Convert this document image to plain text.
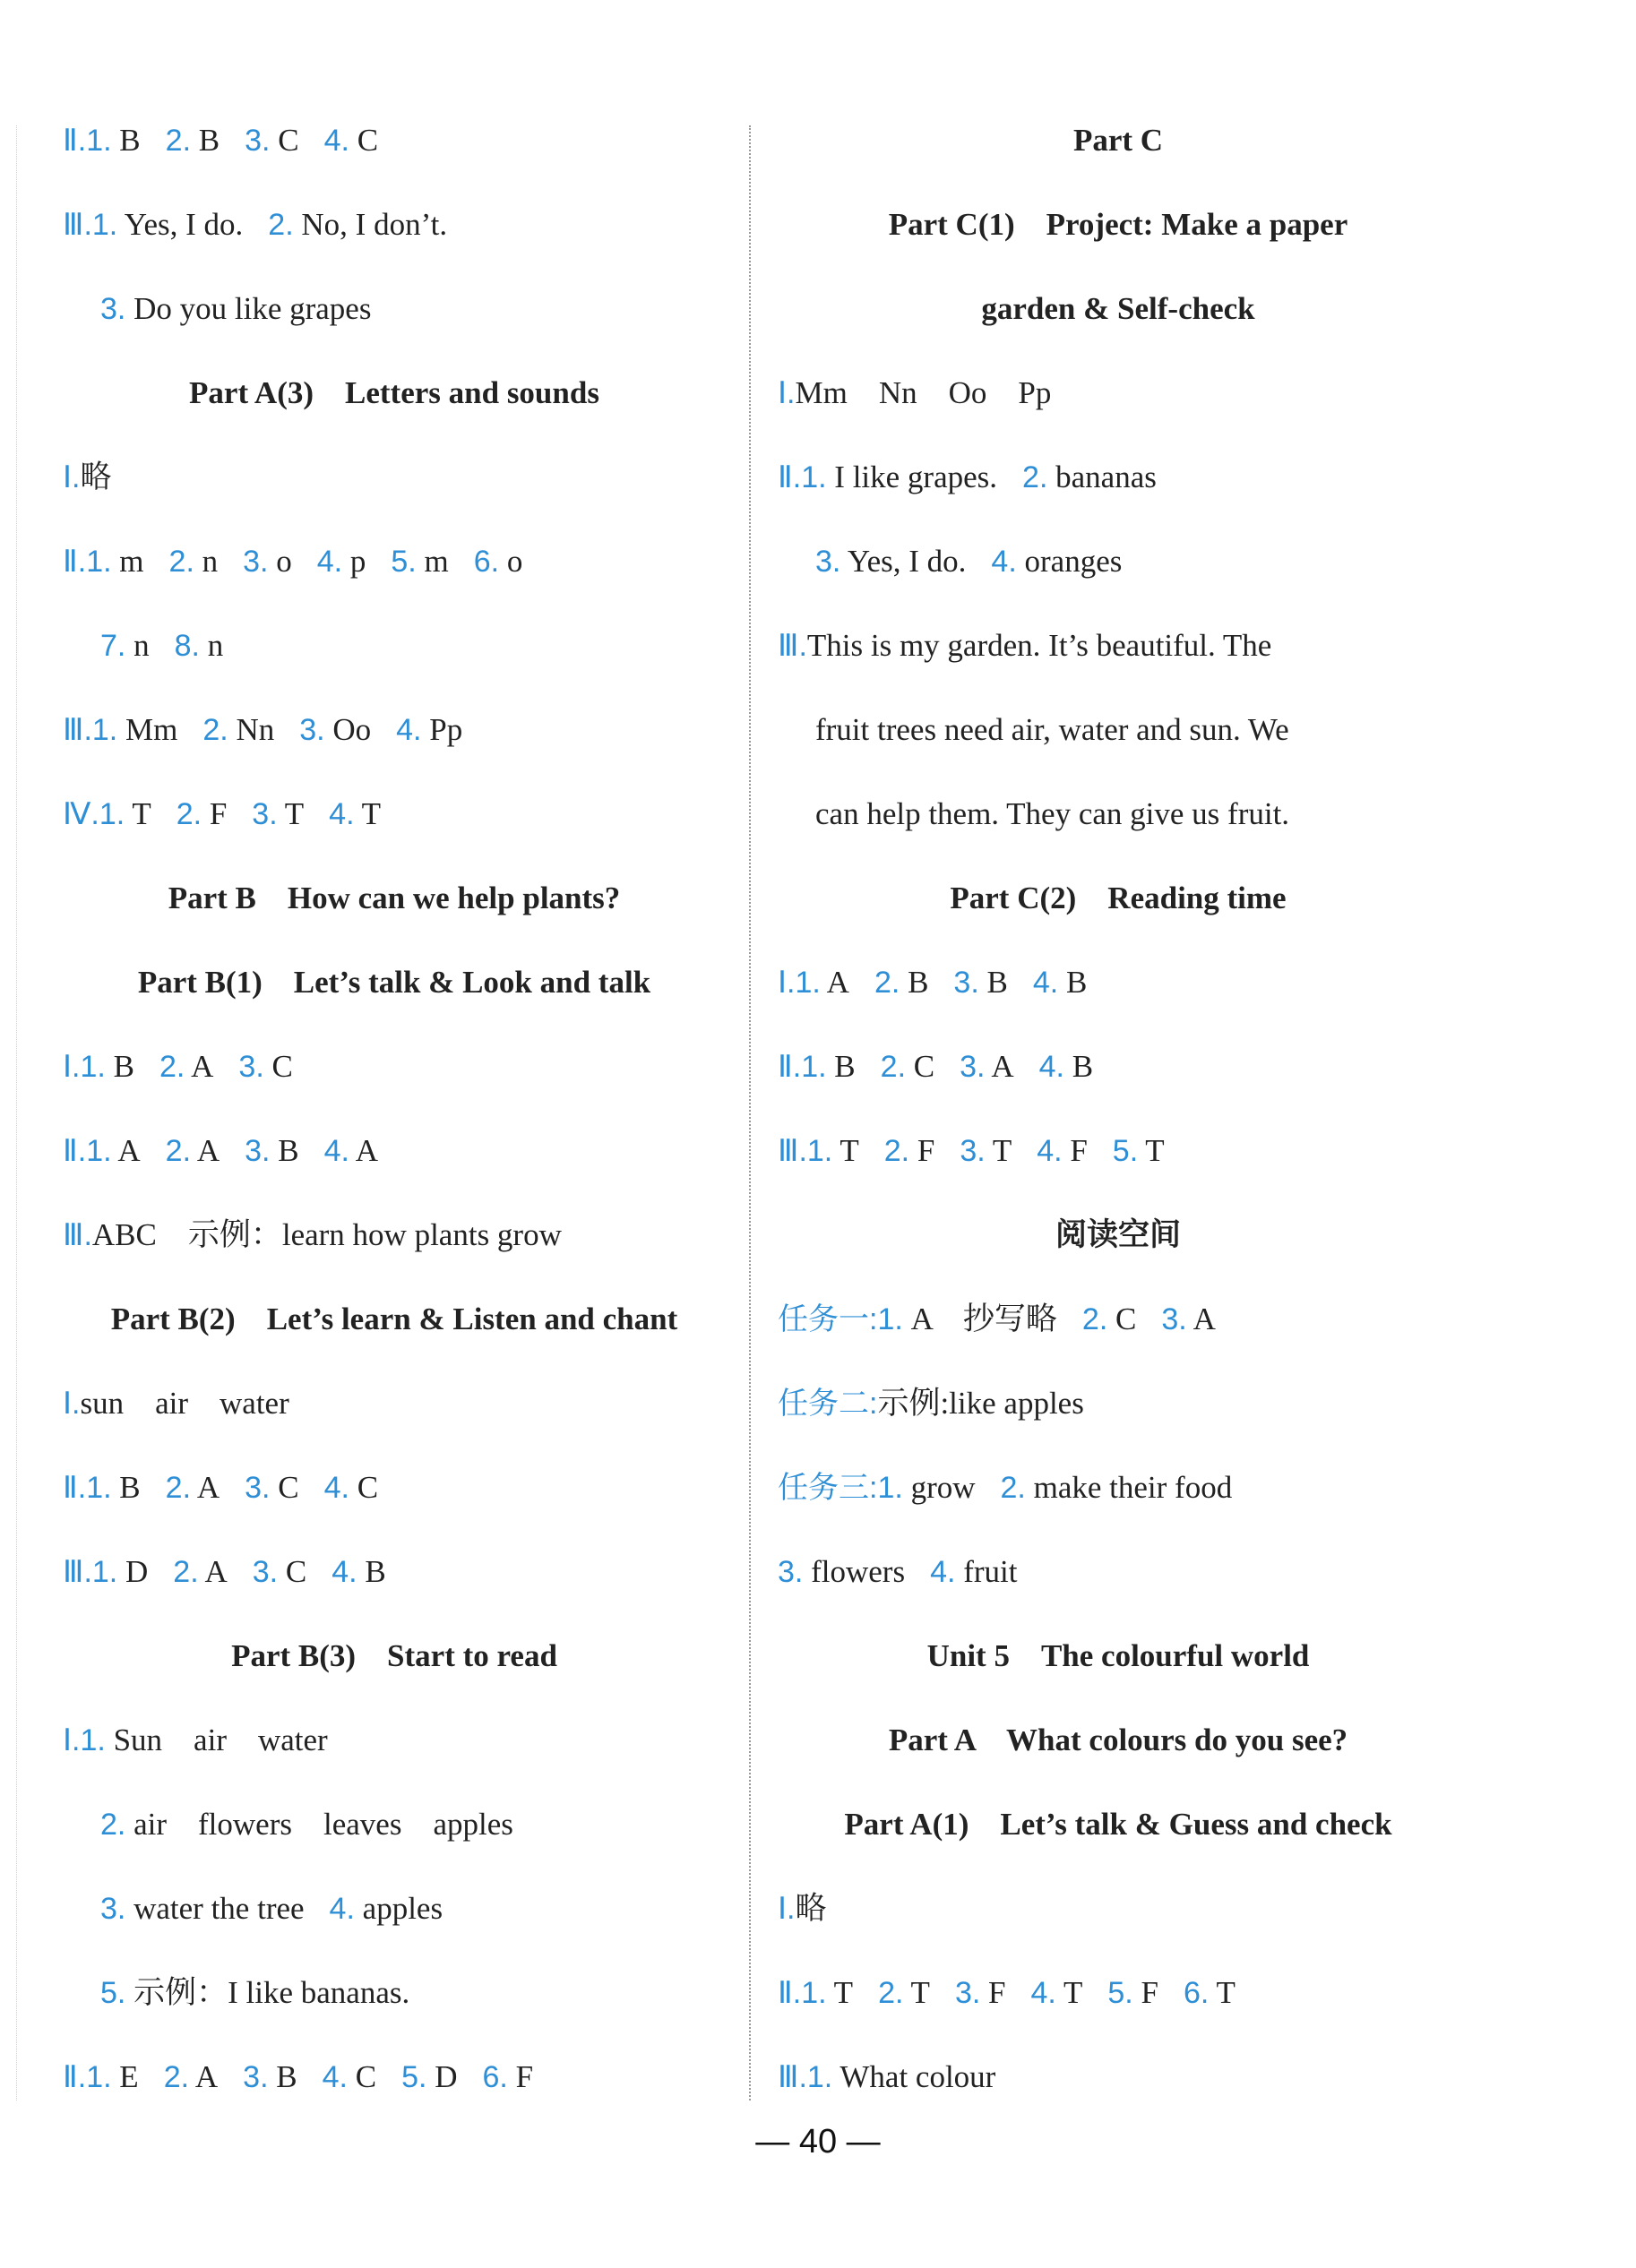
Ⅱ.1. B 2. B 3. C 4. C
Ⅲ.1. Yes, I do. 2. No, I don’t.
3. Do you like grapes
Part A(3)　Letters and sounds
Ⅰ.略
Ⅱ.1. m 2. n 3. o 4. p 5. m 6. o
7. n 8. n
Ⅲ.1. Mm 2. Nn 3. Oo 4. Pp
Ⅳ.1. T 2. F 3. T 4. T
Part B　How can we help plants?
Part B(1)　Let’s talk & Look and talk
Ⅰ.1. B 2. A 3. C
Ⅱ.1. A 2. A 3. B 4. A
Ⅲ.ABC　示例：learn how plants grow
Part B(2)　Let’s learn & Listen and chant
Ⅰ.sun　air　water
Ⅱ.1. B 2. A 3. C 4. C
Ⅲ.1. D 2. A 3. C 4. B
Part B(3)　Start to read
Ⅰ.1. Sun　air　water
2. air　flowers　leaves　apples
3. water the tree 4. apples
5. 示例：I like bananas.
Ⅱ.1. E 2. A 3. B 4. C 5. D 6. F
Part C
Part C(1)　Project: Make a paper
garden & Self-check
Ⅰ.Mm　Nn　Oo　Pp
Ⅱ.1. I like grapes. 2. bananas
3. Yes, I do. 4. oranges
Ⅲ.This is my garden. It’s beautiful. The
fruit trees need air, water and sun. We
can help them. They can give us fruit.
Part C(2)　Reading time
Ⅰ.1. A 2. B 3. B 4. B
Ⅱ.1. B 2. C 3. A 4. B
Ⅲ.1. T 2. F 3. T 4. F 5. T
阅读空间
任务一:1. A　抄写略 2. C 3. A
任务二:示例:like apples
任务三:1. grow 2. make their food
3. flowers 4. fruit
Unit 5　The colourful world
Part A　What colours do you see?
Part A(1)　Let’s talk & Guess and check
Ⅰ.略
Ⅱ.1. T 2. T 3. F 4. T 5. F 6. T
Ⅲ.1. What colour
— 40 —
